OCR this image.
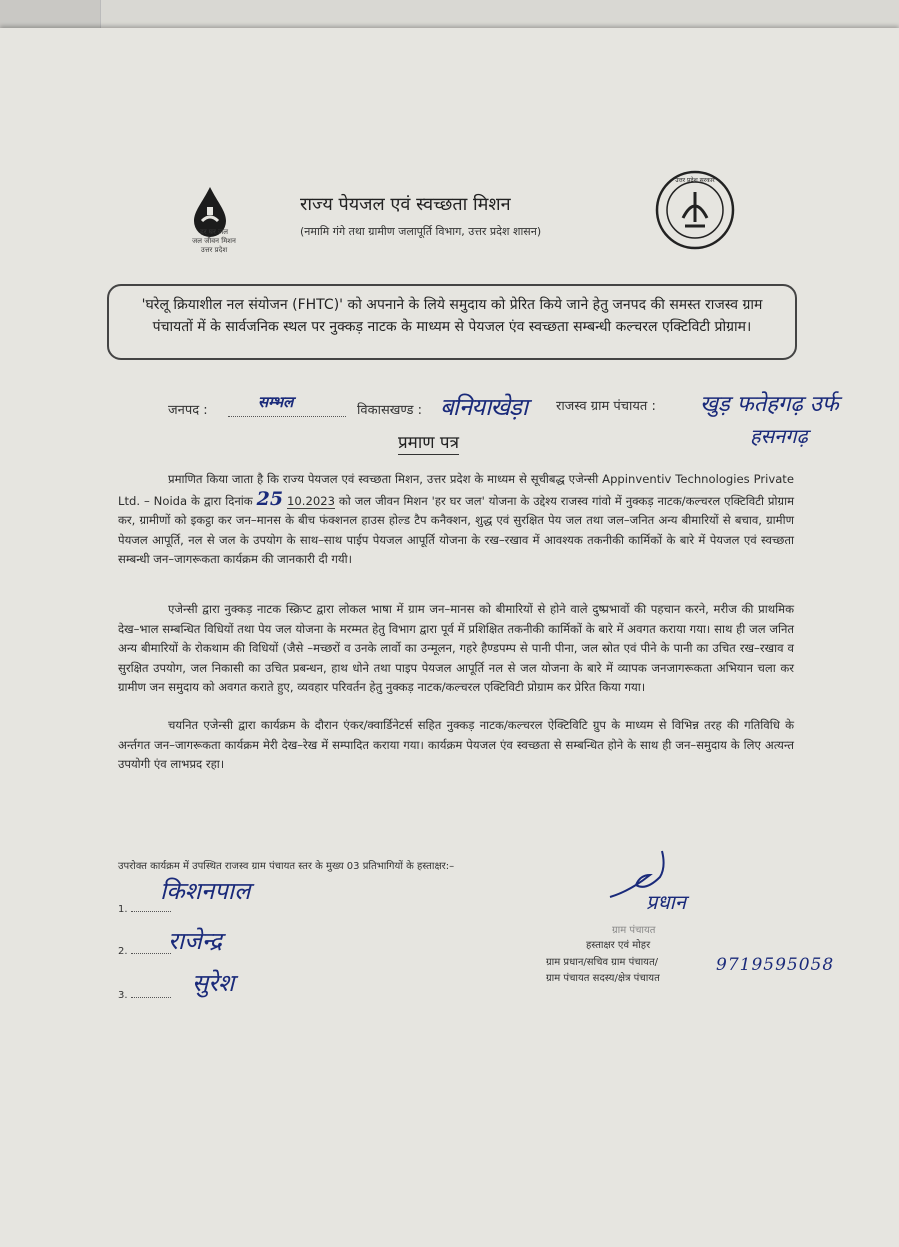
हर घर जल
जल जीवन मिशन
उत्तर प्रदेश
राज्य पेयजल एवं स्वच्छता मिशन
(नमामि गंगे तथा ग्रामीण जलापूर्ति विभाग, उत्तर प्रदेश शासन)
उत्तर प्रदेश सरकार
'घरेलू क्रियाशील नल संयोजन (FHTC)' को अपनाने के लिये समुदाय को प्रेरित किये जाने हेतु जनपद की समस्त राजस्व ग्राम पंचायतों में के सार्वजनिक स्थल पर नुक्कड़ नाटक के माध्यम से पेयजल एंव स्वच्छता सम्बन्धी कल्चरल एक्टिविटी प्रोग्राम।
जनपद :	सम्भल	विकासखण्ड : बनियाखेड़ा राजस्व ग्राम पंचायत : खुड़ फतेहगढ़ उर्फ
हसनगढ़
प्रमाण पत्र
प्रमाणित किया जाता है कि राज्य पेयजल एवं स्वच्छता मिशन, उत्तर प्रदेश के माध्यम से सूचीबद्ध एजेन्सी Appinventiv Technologies Private Ltd. – Noida के द्वारा दिनांक 25 10.2023 को जल जीवन मिशन 'हर घर जल' योजना के उद्देश्य राजस्व गांवो में नुक्कड़ नाटक/कल्चरल एक्टिविटी प्रोग्राम कर, ग्रामीणों को इकट्ठा कर जन–मानस के बीच फंक्शनल हाउस होल्ड टैप कनैक्शन, शुद्ध एवं सुरक्षित पेय जल तथा जल–जनित अन्य बीमारियों से बचाव, ग्रामीण पेयजल आपूर्ति, नल से जल के उपयोग के साथ–साथ पाईप पेयजल आपूर्ति योजना के रख–रखाव में आवश्यक तकनीकी कार्मिकों के बारे में पेयजल एवं स्वच्छता सम्बन्धी जन–जागरूकता कार्यक्रम की जानकारी दी गयी।
एजेन्सी द्वारा नुक्कड़ नाटक स्क्रिप्ट द्वारा लोकल भाषा में ग्राम जन–मानस को बीमारियों से होने वाले दुष्प्रभावों की पहचान करने, मरीज की प्राथमिक देख–भाल सम्बन्धित विधियों तथा पेय जल योजना के मरम्मत हेतु विभाग द्वारा पूर्व में प्रशिक्षित तकनीकी कार्मिकों के बारे में अवगत कराया गया। साथ ही जल जनित अन्य बीमारियों के रोकथाम की विधियों (जैसे –मच्छरों व उनके लार्वो का उन्मूलन, गहरे हैण्डपम्प से पानी पीना, जल स्रोत एवं पीने के पानी का उचित रख–रखाव व सुरक्षित उपयोग, जल निकासी का उचित प्रबन्धन, हाथ धोने तथा पाइप पेयजल आपूर्ति नल से जल योजना के बारे में व्यापक जनजागरूकता अभियान चला कर ग्रामीण जन समुदाय को अवगत कराते हुए, व्यवहार परिवर्तन हेतु नुक्कड़ नाटक/कल्चरल एक्टिविटी प्रोग्राम कर प्रेरित किया गया।
चयनित एजेन्सी द्वारा कार्यक्रम के दौरान एंकर/क्वार्डिनेटर्स सहित नुक्कड़ नाटक/कल्चरल ऐक्टिविटि ग्रुप के माध्यम से विभिन्न तरह की गतिविधि के अर्न्तगत जन–जागरूकता कार्यक्रम मेरी देख–रेख में सम्पादित कराया गया। कार्यक्रम पेयजल एंव स्वच्छता से सम्बन्धित होने के साथ ही जन–समुदाय के लिए अत्यन्त उपयोगी एंव लाभप्रद रहा।
उपरोक्त कार्यक्रम में उपस्थित राजस्व ग्राम पंचायत स्तर के मुख्य 03 प्रतिभागियों के हस्ताक्षर:–
1.
किशनपाल
2.	राजेन्द्र
3.	सुरेश
प्रधान
ग्राम पंचायत
हस्ताक्षर एवं मोहर
ग्राम प्रधान/सचिव ग्राम पंचायत/
ग्राम पंचायत सदस्य/क्षेत्र पंचायत
9719595058
